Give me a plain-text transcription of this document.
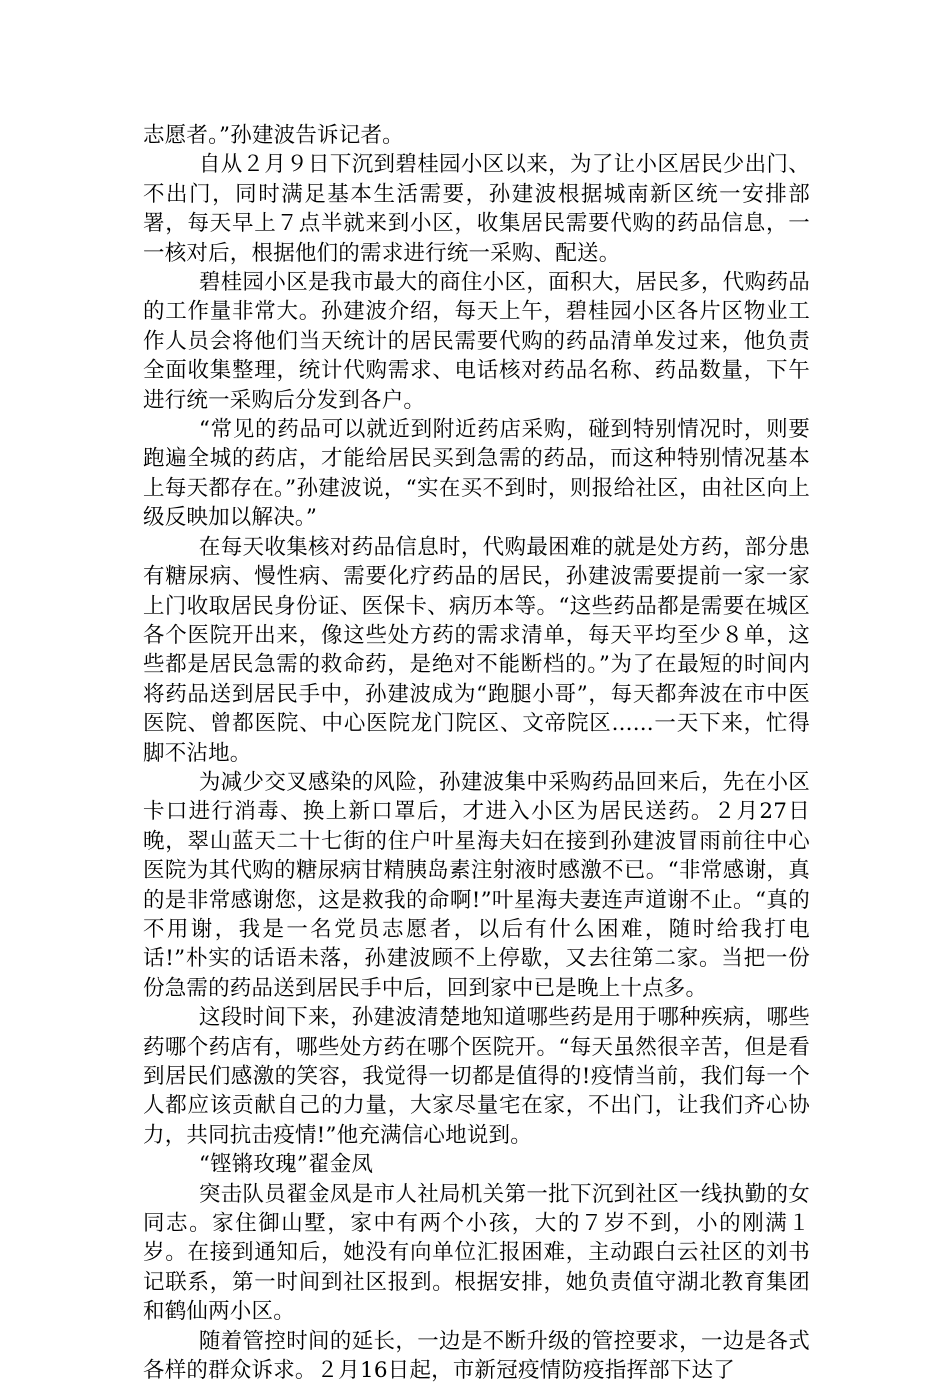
志愿者。”孙建波告诉记者。

自从２月９日下沉到碧桂园小区以来，为了让小区居民少出门、不出门，同时满足基本生活需要，孙建波根据城南新区统一安排部署，每天早上７点半就来到小区，收集居民需要代购的药品信息，一一核对后，根据他们的需求进行统一采购、配送。

碧桂园小区是我市最大的商住小区，面积大，居民多，代购药品的工作量非常大。孙建波介绍，每天上午，碧桂园小区各片区物业工作人员会将他们当天统计的居民需要代购的药品清单发过来，他负责全面收集整理，统计代购需求、电话核对药品名称、药品数量，下午进行统一采购后分发到各户。

“常见的药品可以就近到附近药店采购，碰到特别情况时，则要跑遍全城的药店，才能给居民买到急需的药品，而这种特别情况基本上每天都存在。”孙建波说，“实在买不到时，则报给社区，由社区向上级反映加以解决。”

在每天收集核对药品信息时，代购最困难的就是处方药，部分患有糖尿病、慢性病、需要化疗药品的居民，孙建波需要提前一家一家上门收取居民身份证、医保卡、病历本等。“这些药品都是需要在城区各个医院开出来，像这些处方药的需求清单，每天平均至少８单，这些都是居民急需的救命药，是绝对不能断档的。”为了在最短的时间内将药品送到居民手中，孙建波成为“跑腿小哥”，每天都奔波在市中医医院、曾都医院、中心医院龙门院区、文帝院区......一天下来，忙得脚不沾地。

为减少交叉感染的风险，孙建波集中采购药品回来后，先在小区卡口进行消毒、换上新口罩后，才进入小区为居民送药。２月27日晚，翠山蓝天二十七街的住户叶星海夫妇在接到孙建波冒雨前往中心医院为其代购的糖尿病甘精胰岛素注射液时感激不已。“非常感谢，真的是非常感谢您，这是救我的命啊!”叶星海夫妻连声道谢不止。“真的不用谢，我是一名党员志愿者，以后有什么困难，随时给我打电话!”朴实的话语未落，孙建波顾不上停歇，又去往第二家。当把一份份急需的药品送到居民手中后，回到家中已是晚上十点多。

这段时间下来，孙建波清楚地知道哪些药是用于哪种疾病，哪些药哪个药店有，哪些处方药在哪个医院开。“每天虽然很辛苦，但是看到居民们感激的笑容，我觉得一切都是值得的!疫情当前，我们每一个人都应该贡献自己的力量，大家尽量宅在家，不出门，让我们齐心协力，共同抗击疫情!”他充满信心地说到。

“铿锵玫瑰”翟金凤

突击队员翟金凤是市人社局机关第一批下沉到社区一线执勤的女同志。家住御山墅，家中有两个小孩，大的７岁不到，小的刚满１岁。在接到通知后，她没有向单位汇报困难，主动跟白云社区的刘书记联系，第一时间到社区报到。根据安排，她负责值守湖北教育集团和鹤仙两小区。

随着管控时间的延长，一边是不断升级的管控要求，一边是各式各样的群众诉求。２月16日起，市新冠疫情防疫指挥部下达了
